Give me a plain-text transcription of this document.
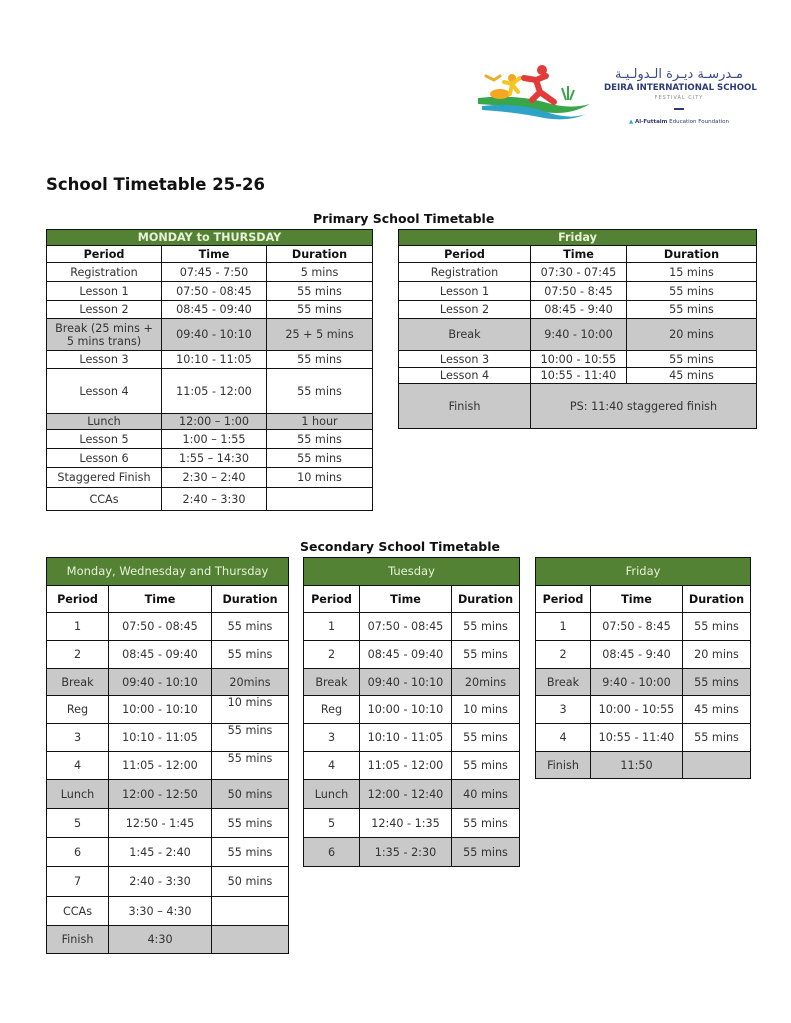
مـدرسـة ديـرة الـدولـيـة
DEIRA INTERNATIONAL SCHOOL
FESTIVAL CITY
▲ Al-Futtaim Education Foundation
School Timetable 25-26
Primary School Timetable
MONDAY to THURSDAY		
Period	Time	Duration
Registration	07:45 - 7:50	5 mins
Lesson 1	07:50 - 08:45	55 mins
Lesson 2	08:45 - 09:40	55 mins
Break (25 mins + 5 mins trans)	09:40 - 10:10	25 + 5 mins
Lesson 3	10:10 - 11:05	55 mins
Lesson 4	11:05 - 12:00	55 mins
Lunch	12:00 – 1:00	1 hour
Lesson 5	1:00 – 1:55	55 mins
Lesson 6	1:55 – 14:30	55 mins
Staggered Finish	2:30 – 2:40	10 mins
CCAs	2:40 – 3:30	
Friday		
Period	Time	Duration
Registration	07:30 - 07:45	15 mins
Lesson 1	07:50 - 8:45	55 mins
Lesson 2	08:45 - 9:40	55 mins
Break	9:40 - 10:00	20 mins
Lesson 3	10:00 - 10:55	55 mins
Lesson 4	10:55 - 11:40	45 mins
Finish	PS: 11:40 staggered finish	
Secondary School Timetable
Monday, Wednesday and Thursday		
Period	Time	Duration
1	07:50 - 08:45	55 mins
2	08:45 - 09:40	55 mins
Break	09:40 - 10:10	20mins
Reg	10:00 - 10:10	10 mins
3	10:10 - 11:05	55 mins
4	11:05 - 12:00	55 mins
Lunch	12:00 - 12:50	50 mins
5	12:50 - 1:45	55 mins
6	1:45 - 2:40	55 mins
7	2:40 - 3:30	50 mins
CCAs	3:30 – 4:30	
Finish	4:30	
Tuesday		
Period	Time	Duration
1	07:50 - 08:45	55 mins
2	08:45 - 09:40	55 mins
Break	09:40 - 10:10	20mins
Reg	10:00 - 10:10	10 mins
3	10:10 - 11:05	55 mins
4	11:05 - 12:00	55 mins
Lunch	12:00 - 12:40	40 mins
5	12:40 - 1:35	55 mins
6	1:35 - 2:30	55 mins
Friday		
Period	Time	Duration
1	07:50 - 8:45	55 mins
2	08:45 - 9:40	20 mins
Break	9:40 - 10:00	55 mins
3	10:00 - 10:55	45 mins
4	10:55 - 11:40	55 mins
Finish	11:50	
